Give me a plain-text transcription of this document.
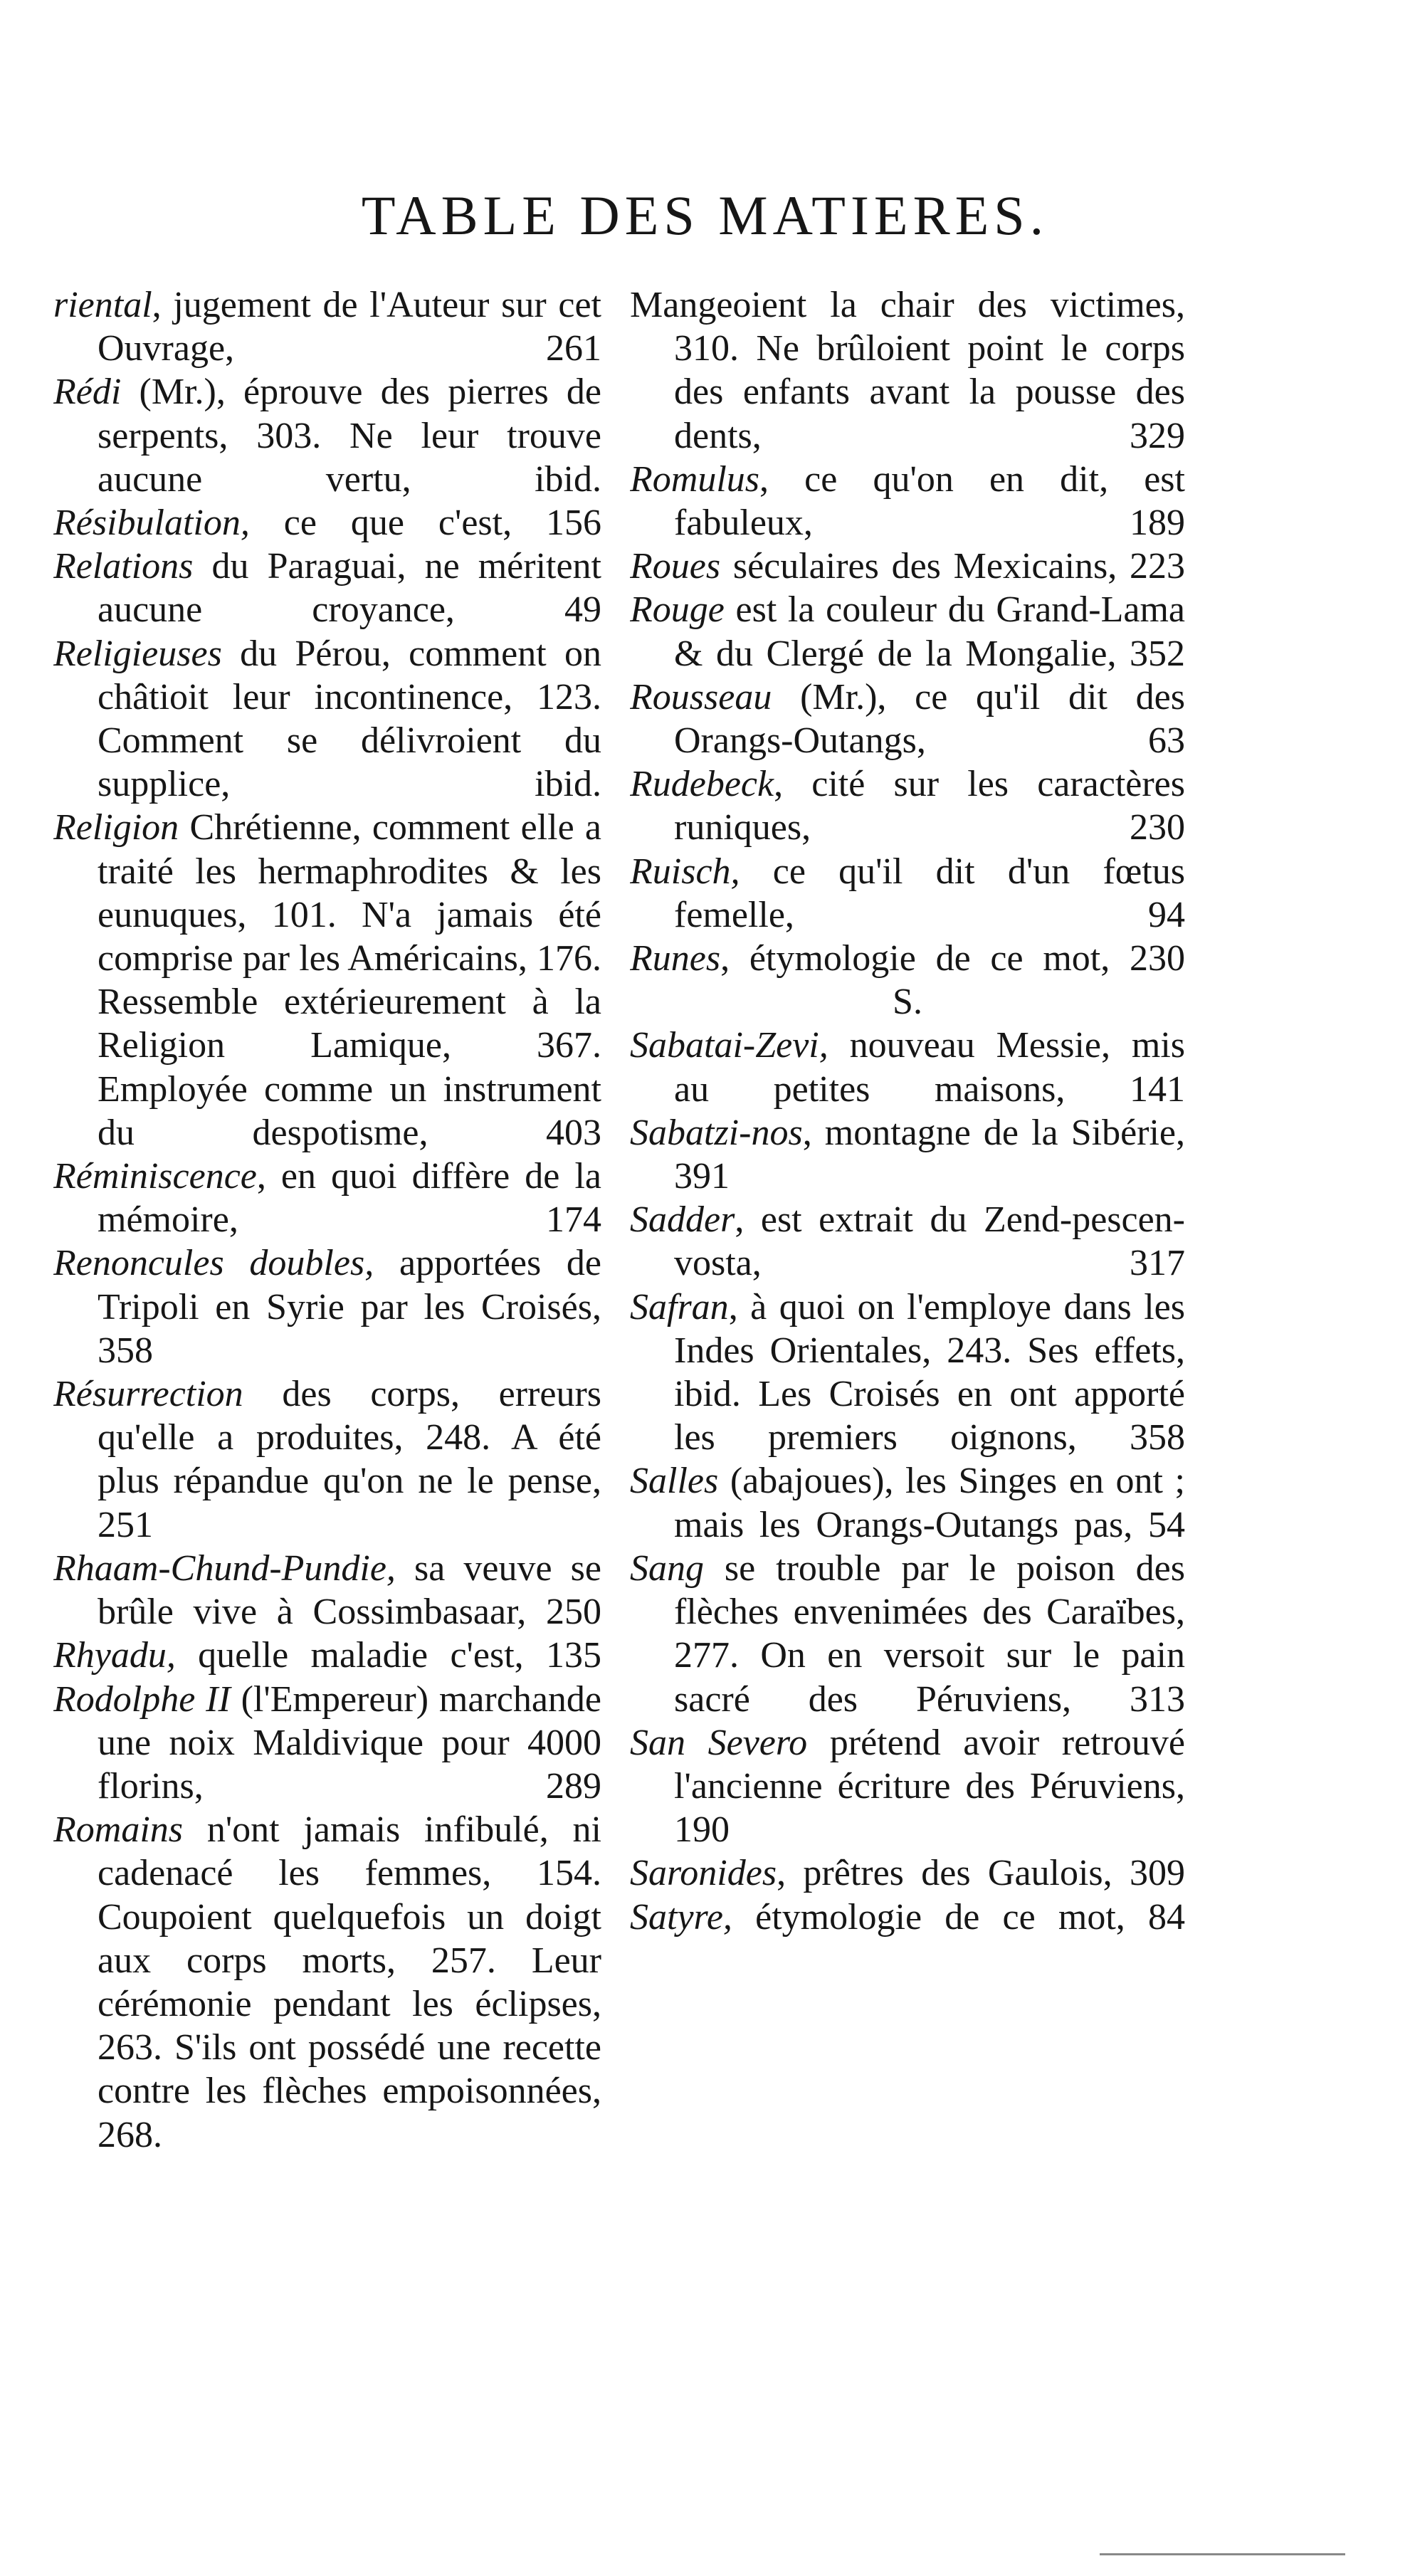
TABLE DES MATIERES.
riental, jugement de l'Auteur sur cet Ouvrage, 261
Rédi (Mr.), éprouve des pierres de serpents, 303. Ne leur trouve aucune vertu, ibid.
Résibulation, ce que c'est, 156
Relations du Paraguai, ne méritent aucune croyance, 49
Religieuses du Pérou, comment on châtioit leur incontinence, 123. Comment se délivroient du supplice, ibid.
Religion Chrétienne, comment elle a traité les hermaphrodites & les eunuques, 101. N'a jamais été comprise par les Américains, 176. Ressemble extérieurement à la Religion Lamique, 367. Employée comme un instrument du despotisme, 403
Réminiscence, en quoi diffère de la mémoire, 174
Renoncules doubles, apportées de Tripoli en Syrie par les Croisés, 358
Résurrection des corps, erreurs qu'elle a produites, 248. A été plus répandue qu'on ne le pense, 251
Rhaam-Chund-Pundie, sa veuve se brûle vive à Cossimbasaar, 250
Rhyadu, quelle maladie c'est, 135
Rodolphe II (l'Empereur) marchande une noix Maldivique pour 4000 florins, 289
Romains n'ont jamais infibulé, ni cadenacé les femmes, 154. Coupoient quelquefois un doigt aux corps morts, 257. Leur cérémonie pendant les éclipses, 263. S'ils ont possédé une recette contre les flèches empoisonnées, 268.
Mangeoient la chair des victimes, 310. Ne brûloient point le corps des enfants avant la pousse des dents, 329
Romulus, ce qu'on en dit, est fabuleux, 189
Roues séculaires des Mexicains, 223
Rouge est la couleur du Grand-Lama & du Clergé de la Mongalie, 352
Rousseau (Mr.), ce qu'il dit des Orangs-Outangs, 63
Rudebeck, cité sur les caractères runiques, 230
Ruisch, ce qu'il dit d'un fœtus femelle, 94
Runes, étymologie de ce mot, 230
S.
Sabatai-Zevi, nouveau Messie, mis au petites maisons, 141
Sabatzi-nos, montagne de la Sibérie, 391
Sadder, est extrait du Zend-pescen-vosta, 317
Safran, à quoi on l'employe dans les Indes Orientales, 243. Ses effets, ibid. Les Croisés en ont apporté les premiers oignons, 358
Salles (abajoues), les Singes en ont ; mais les Orangs-Outangs pas, 54
Sang se trouble par le poison des flèches envenimées des Caraïbes, 277. On en versoit sur le pain sacré des Péruviens, 313
San Severo prétend avoir retrouvé l'ancienne écriture des Péruviens, 190
Saronides, prêtres des Gaulois, 309
Satyre, étymologie de ce mot, 84
